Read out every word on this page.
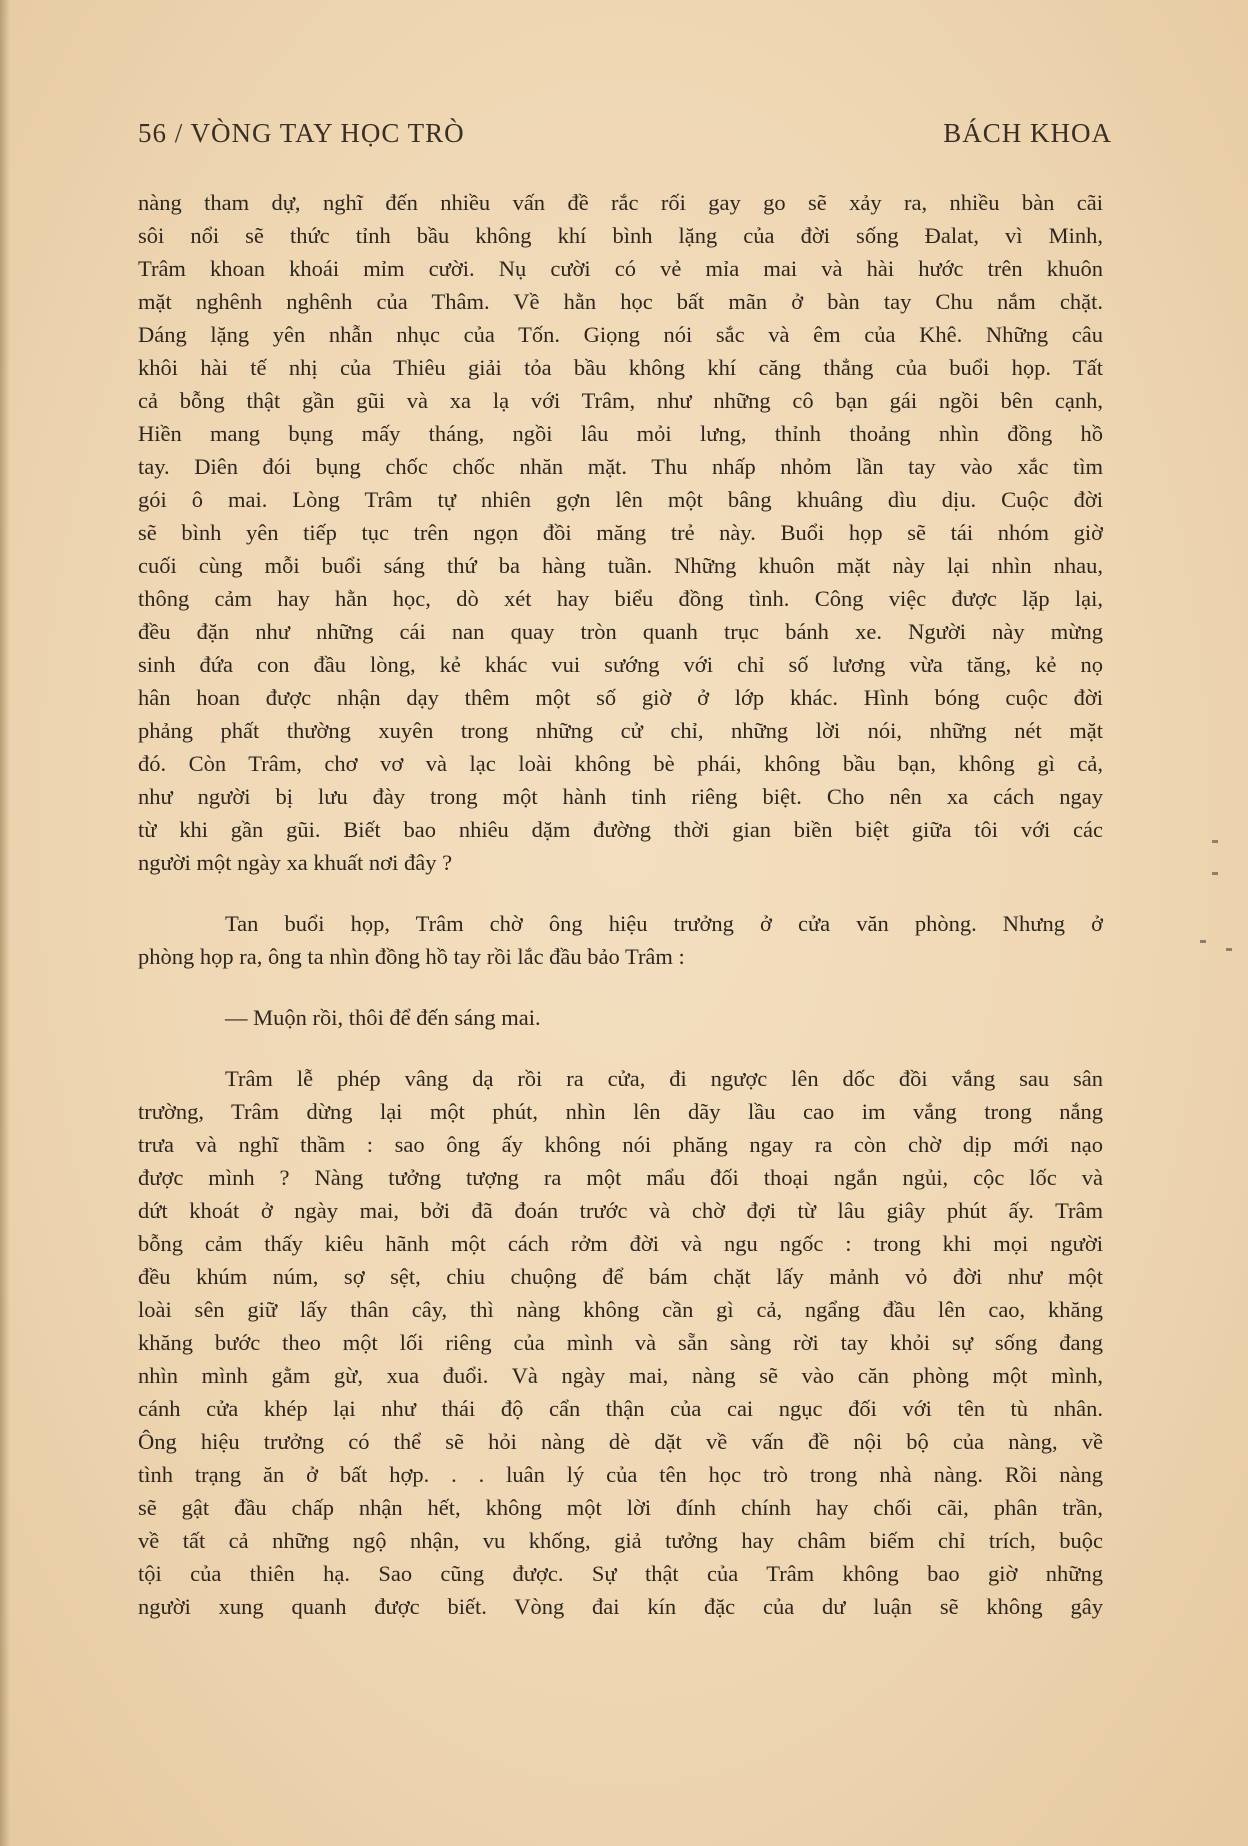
56 / VÒNG TAY HỌC TRÒ	BÁCH KHOA
nàng tham dự, nghĩ đến nhiều vấn đề rắc rối gay go sẽ xảy ra, nhiều bàn cãi
sôi nổi sẽ thức tỉnh bầu không khí bình lặng của đời sống Đalat, vì Minh,
Trâm khoan khoái mỉm cười. Nụ cười có vẻ mỉa mai và hài hước trên khuôn
mặt nghênh nghênh của Thâm. Về hằn học bất mãn ở bàn tay Chu nắm chặt.
Dáng lặng yên nhẫn nhục của Tốn. Giọng nói sắc và êm của Khê. Những câu
khôi hài tế nhị của Thiêu giải tỏa bầu không khí căng thẳng của buổi họp. Tất
cả bỗng thật gần gũi và xa lạ với Trâm, như những cô bạn gái ngồi bên cạnh,
Hiền mang bụng mấy tháng, ngồi lâu mỏi lưng, thỉnh thoảng nhìn đồng hồ
tay. Diên đói bụng chốc chốc nhăn mặt. Thu nhấp nhỏm lần tay vào xắc tìm
gói ô mai. Lòng Trâm tự nhiên gợn lên một bâng khuâng dìu dịu. Cuộc đời
sẽ bình yên tiếp tục trên ngọn đồi măng trẻ này. Buổi họp sẽ tái nhóm giờ
cuối cùng mỗi buổi sáng thứ ba hàng tuần. Những khuôn mặt này lại nhìn nhau,
thông cảm hay hằn học, dò xét hay biểu đồng tình. Công việc được lặp lại,
đều đặn như những cái nan quay tròn quanh trục bánh xe. Người này mừng
sinh đứa con đầu lòng, kẻ khác vui sướng với chỉ số lương vừa tăng, kẻ nọ
hân hoan được nhận dạy thêm một số giờ ở lớp khác. Hình bóng cuộc đời
phảng phất thường xuyên trong những cử chỉ, những lời nói, những nét mặt
đó. Còn Trâm, chơ vơ và lạc loài không bè phái, không bầu bạn, không gì cả,
như người bị lưu đày trong một hành tinh riêng biệt. Cho nên xa cách ngay
từ khi gần gũi. Biết bao nhiêu dặm đường thời gian biền biệt giữa tôi với các
người một ngày xa khuất nơi đây ?
Tan buổi họp, Trâm chờ ông hiệu trưởng ở cửa văn phòng. Nhưng ở
phòng họp ra, ông ta nhìn đồng hồ tay rồi lắc đầu bảo Trâm :
— Muộn rồi, thôi để đến sáng mai.
Trâm lễ phép vâng dạ rồi ra cửa, đi ngược lên dốc đồi vắng sau sân
trường, Trâm dừng lại một phút, nhìn lên dãy lầu cao im vắng trong nắng
trưa và nghĩ thầm : sao ông ấy không nói phăng ngay ra còn chờ dịp mới nạo
được mình ? Nàng tưởng tượng ra một mẩu đối thoại ngắn ngủi, cộc lốc và
dứt khoát ở ngày mai, bởi đã đoán trước và chờ đợi từ lâu giây phút ấy. Trâm
bỗng cảm thấy kiêu hãnh một cách rởm đời và ngu ngốc : trong khi mọi người
đều khúm núm, sợ sệt, chiu chuộng để bám chặt lấy mảnh vỏ đời như một
loài sên giữ lấy thân cây, thì nàng không cần gì cả, ngẩng đầu lên cao, khăng
khăng bước theo một lối riêng của mình và sẵn sàng rời tay khỏi sự sống đang
nhìn mình gằm gừ, xua đuổi. Và ngày mai, nàng sẽ vào căn phòng một mình,
cánh cửa khép lại như thái độ cẩn thận của cai ngục đối với tên tù nhân.
Ông hiệu trưởng có thể sẽ hỏi nàng dè dặt về vấn đề nội bộ của nàng, về
tình trạng ăn ở bất hợp. . . luân lý của tên học trò trong nhà nàng. Rồi nàng
sẽ gật đầu chấp nhận hết, không một lời đính chính hay chối cãi, phân trần,
về tất cả những ngộ nhận, vu khống, giả tưởng hay châm biếm chỉ trích, buộc
tội của thiên hạ. Sao cũng được. Sự thật của Trâm không bao giờ những
người xung quanh được biết. Vòng đai kín đặc của dư luận sẽ không gây
